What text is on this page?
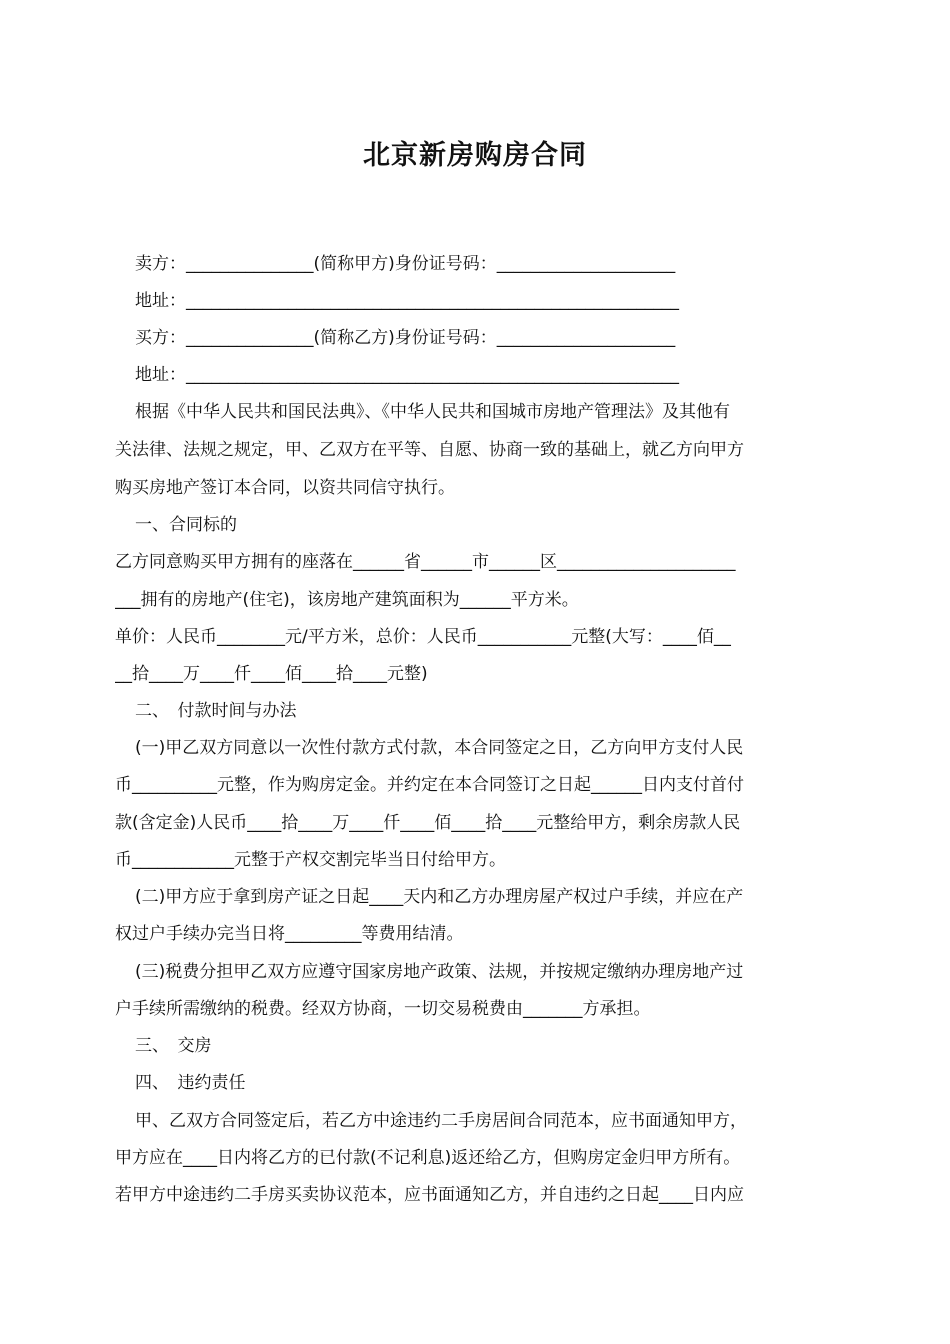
北京新房购房合同
卖方：_______________(简称甲方)身份证号码：_____________________
地址：__________________________________________________________
买方：_______________(简称乙方)身份证号码：_____________________
地址：__________________________________________________________
根据《中华人民共和国民法典》、《中华人民共和国城市房地产管理法》及其他有
关法律、法规之规定，甲、乙双方在平等、自愿、协商一致的基础上，就乙方向甲方
购买房地产签订本合同，以资共同信守执行。
一、合同标的
乙方同意购买甲方拥有的座落在______省______市______区_____________________
___拥有的房地产(住宅)，该房地产建筑面积为______平方米。
单价：人民币________元/平方米，总价：人民币___________元整(大写：____佰__
__拾____万____仟____佰____拾____元整)
二、　付款时间与办法
(一)甲乙双方同意以一次性付款方式付款，本合同签定之日，乙方向甲方支付人民
币__________元整，作为购房定金。并约定在本合同签订之日起______日内支付首付
款(含定金)人民币____拾____万____仟____佰____拾____元整给甲方，剩余房款人民
币____________元整于产权交割完毕当日付给甲方。
(二)甲方应于拿到房产证之日起____天内和乙方办理房屋产权过户手续，并应在产
权过户手续办完当日将_________等费用结清。
(三)税费分担甲乙双方应遵守国家房地产政策、法规，并按规定缴纳办理房地产过
户手续所需缴纳的税费。经双方协商，一切交易税费由_______方承担。
三、　交房
四、　违约责任
甲、乙双方合同签定后，若乙方中途违约二手房居间合同范本，应书面通知甲方，
甲方应在____日内将乙方的已付款(不记利息)返还给乙方，但购房定金归甲方所有。
若甲方中途违约二手房买卖协议范本，应书面通知乙方，并自违约之日起____日内应
